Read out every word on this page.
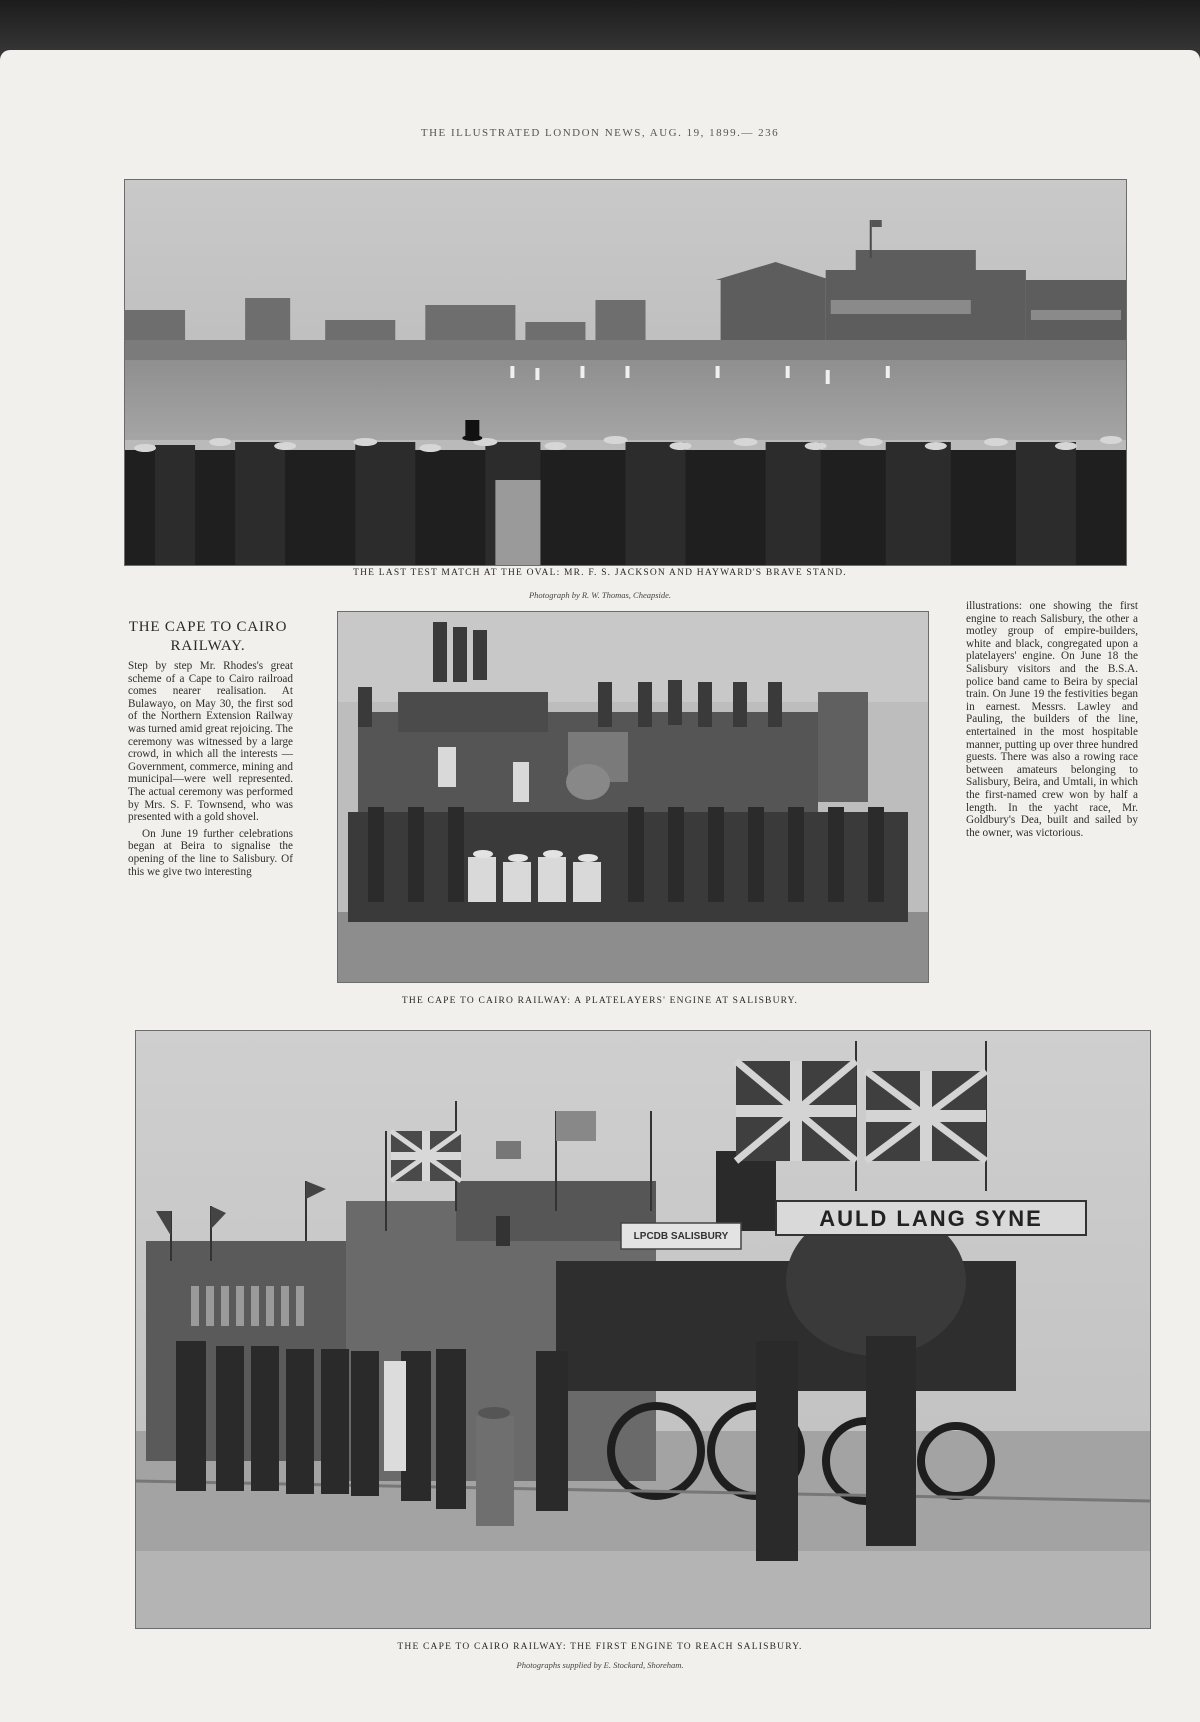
THE ILLUSTRATED LONDON NEWS, AUG. 19, 1899.— 236
THE LAST TEST MATCH AT THE OVAL: MR. F. S. JACKSON AND HAYWARD'S BRAVE STAND.
Photograph by R. W. Thomas, Cheapside.
THE CAPE TO CAIRO RAILWAY.

Step by step Mr. Rhodes's great scheme of a Cape to Cairo railroad comes nearer realisation. At Bulawayo, on May 30, the first sod of the Northern Extension Railway was turned amid great rejoicing. The ceremony was witnessed by a large crowd, in which all the interests — Government, commerce, mining and municipal—were well represented. The actual ceremony was performed by Mrs. S. F. Townsend, who was presented with a gold shovel.

On June 19 further celebrations began at Beira to signalise the opening of the line to Salisbury. Of this we give two interesting

THE CAPE TO CAIRO RAILWAY: A PLATELAYERS' ENGINE AT SALISBURY.

illustrations: one showing the first engine to reach Salisbury, the other a motley group of empire-builders, white and black, congregated upon a platelayers' engine. On June 18 the Salisbury visitors and the B.S.A. police band came to Beira by special train. On June 19 the festivities began in earnest. Messrs. Lawley and Pauling, the builders of the line, entertained in the most hospitable manner, putting up over three hundred guests. There was also a rowing race between amateurs belonging to Salisbury, Beira, and Umtali, in which the first-named crew won by half a length. In the yacht race, Mr. Goldbury's Dea, built and sailed by the owner, was victorious.

AULD LANG SYNE
LPCDB SALISBURY
THE CAPE TO CAIRO RAILWAY: THE FIRST ENGINE TO REACH SALISBURY.
Photographs supplied by E. Stockard, Shoreham.
